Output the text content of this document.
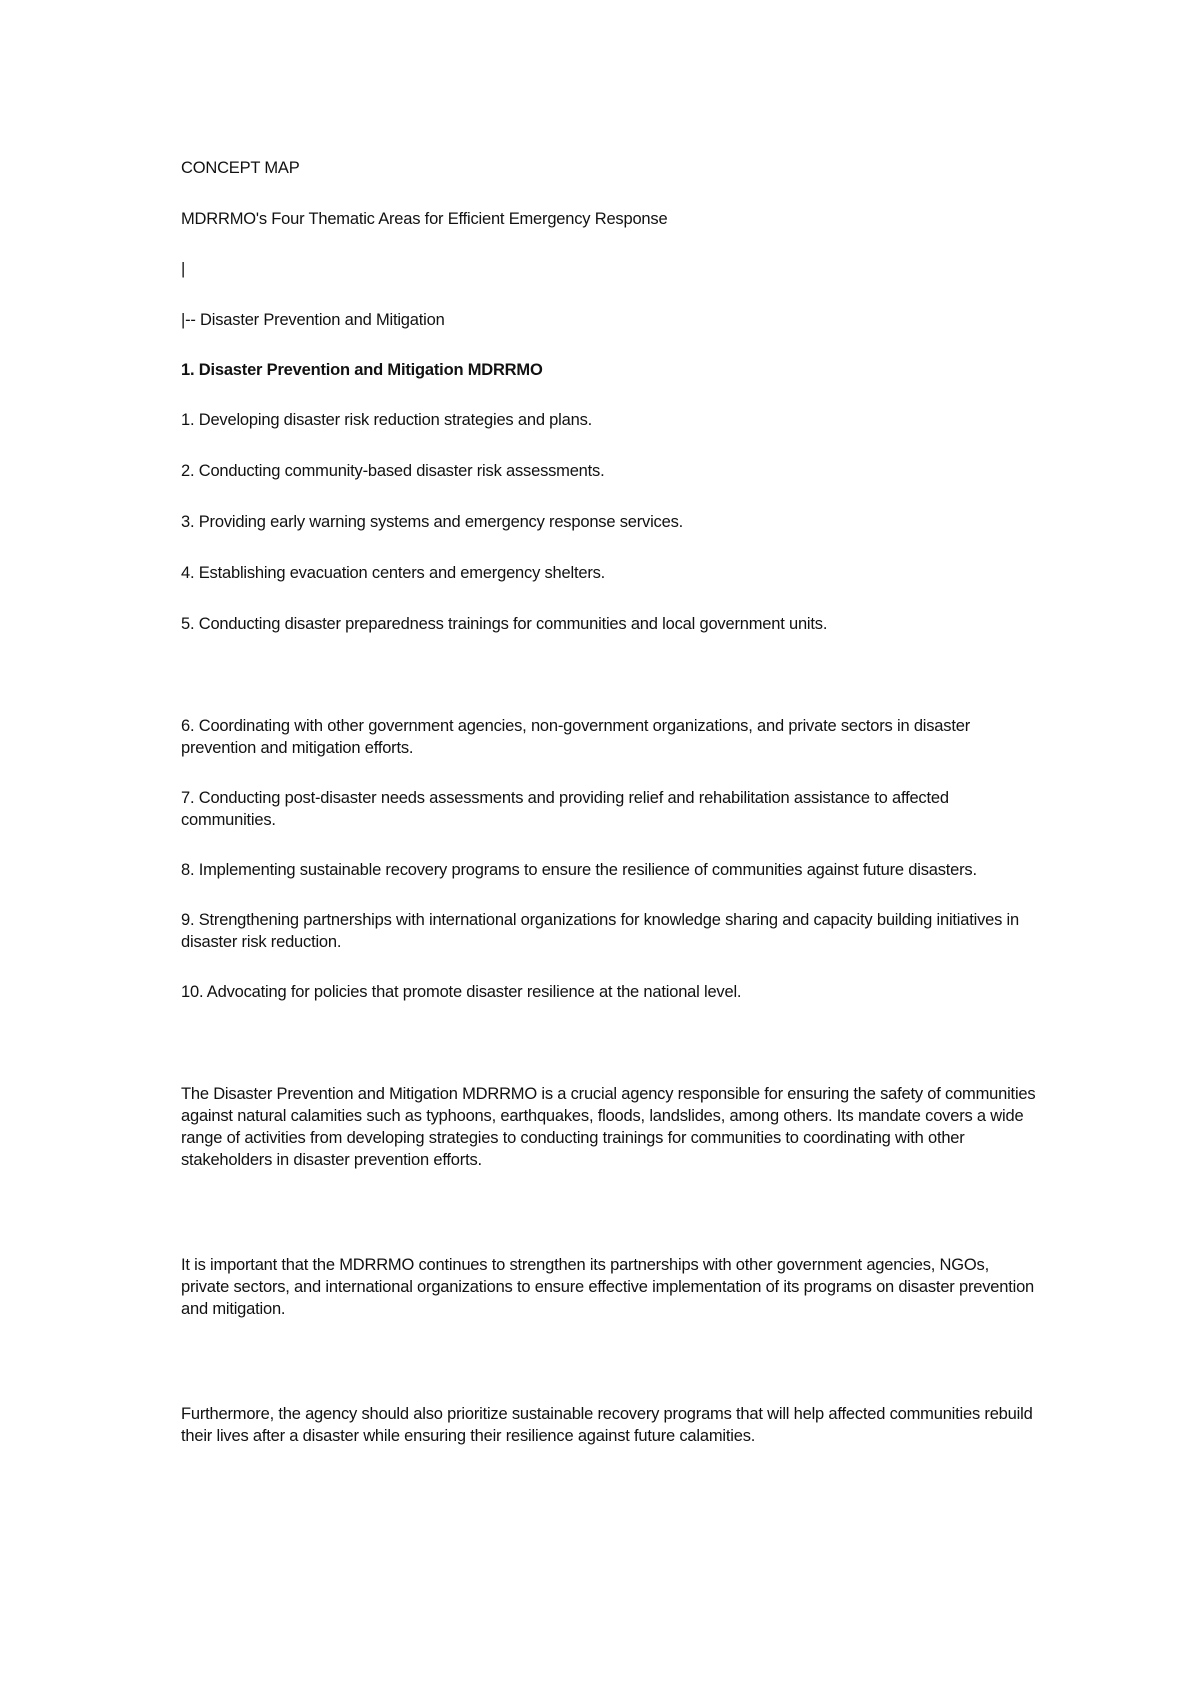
CONCEPT MAP

MDRRMO's Four Thematic Areas for Efficient Emergency Response

|

|-- Disaster Prevention and Mitigation

1. Disaster Prevention and Mitigation MDRRMO

1. Developing disaster risk reduction strategies and plans.

2. Conducting community-based disaster risk assessments.

3. Providing early warning systems and emergency response services.

4. Establishing evacuation centers and emergency shelters.

5. Conducting disaster preparedness trainings for communities and local government units.

6. Coordinating with other government agencies, non-government organizations, and private sectors in disaster prevention and mitigation efforts.

7. Conducting post-disaster needs assessments and providing relief and rehabilitation assistance to affected communities.

8. Implementing sustainable recovery programs to ensure the resilience of communities against future disasters.

9. Strengthening partnerships with international organizations for knowledge sharing and capacity building initiatives in disaster risk reduction.

10. Advocating for policies that promote disaster resilience at the national level.

The Disaster Prevention and Mitigation MDRRMO is a crucial agency responsible for ensuring the safety of communities against natural calamities such as typhoons, earthquakes, floods, landslides, among others. Its mandate covers a wide range of activities from developing strategies to conducting trainings for communities to coordinating with other stakeholders in disaster prevention efforts.

It is important that the MDRRMO continues to strengthen its partnerships with other government agencies, NGOs, private sectors, and international organizations to ensure effective implementation of its programs on disaster prevention and mitigation.

Furthermore, the agency should also prioritize sustainable recovery programs that will help affected communities rebuild their lives after a disaster while ensuring their resilience against future calamities.
